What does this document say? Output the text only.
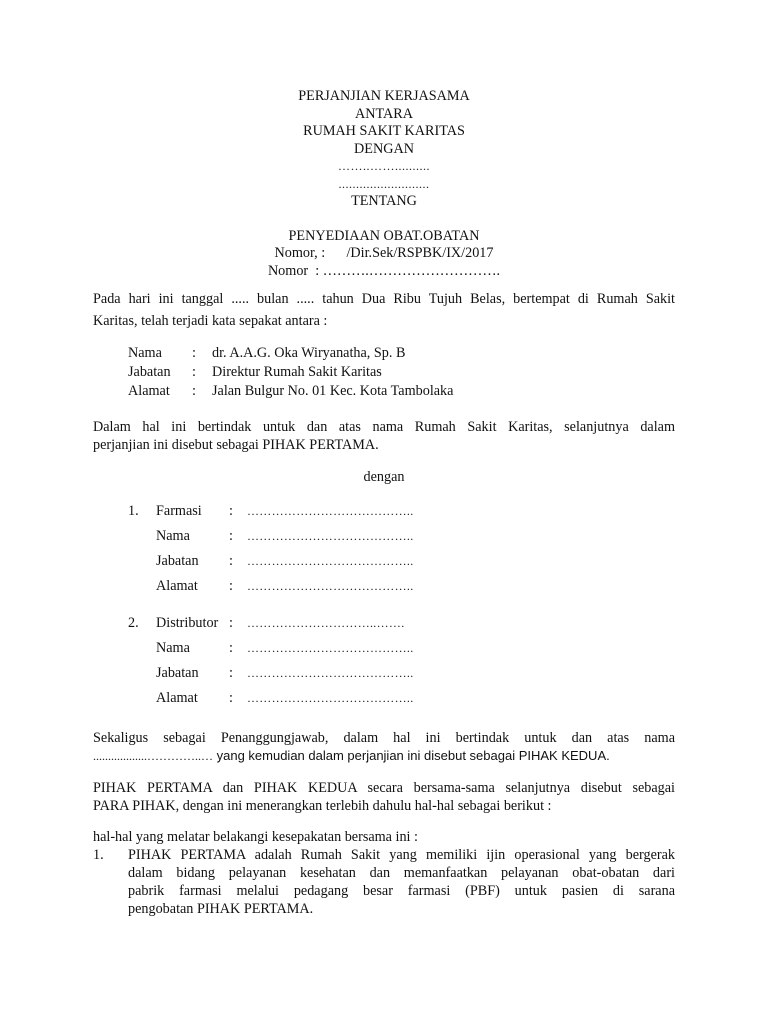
PERJANJIAN KERJASAMA
ANTARA
RUMAH SAKIT KARITAS
DENGAN
……..……..........
..........................
TENTANG
PENYEDIAAN OBAT.OBATAN
Nomor, :      /Dir.Sek/RSPBK/IX/2017
Nomor  : ……….……………………….
Pada hari ini tanggal ..... bulan ..... tahun Dua Ribu Tujuh Belas, bertempat di Rumah Sakit
Karitas, telah terjadi kata sepakat antara :
Nama	:	dr. A.A.G. Oka Wiryanatha, Sp. B
Jabatan	:	Direktur Rumah Sakit Karitas
Alamat	:	Jalan Bulgur No. 01 Kec. Kota Tambolaka
Dalam hal ini bertindak untuk dan atas nama Rumah Sakit Karitas, selanjutnya dalam
perjanjian ini disebut sebagai PIHAK PERTAMA.
dengan
1.	Farmasi	:	…………………………………..
Nama	:	…………………………………..
Jabatan	:	…………………………………..
Alamat	:	…………………………………..
2.	Distributor :	…………………………..…….
Nama	:	…………………………………..
Jabatan	:	…………………………………..
Alamat	:	…………………………………..
Sekaligus sebagai Penanggungjawab, dalam hal ini bertindak untuk dan atas nama
..................…………..… yang kemudian dalam perjanjian ini disebut sebagai PIHAK KEDUA.
PIHAK PERTAMA dan PIHAK KEDUA secara bersama-sama selanjutnya disebut sebagai
PARA PIHAK, dengan ini menerangkan terlebih dahulu hal-hal sebagai berikut :
hal-hal yang melatar belakangi kesepakatan bersama ini :
1.	PIHAK PERTAMA adalah Rumah Sakit yang memiliki ijin operasional yang bergerak
dalam bidang pelayanan kesehatan dan memanfaatkan pelayanan obat-obatan dari
pabrik farmasi melalui pedagang besar farmasi (PBF) untuk pasien di sarana
pengobatan PIHAK PERTAMA.
